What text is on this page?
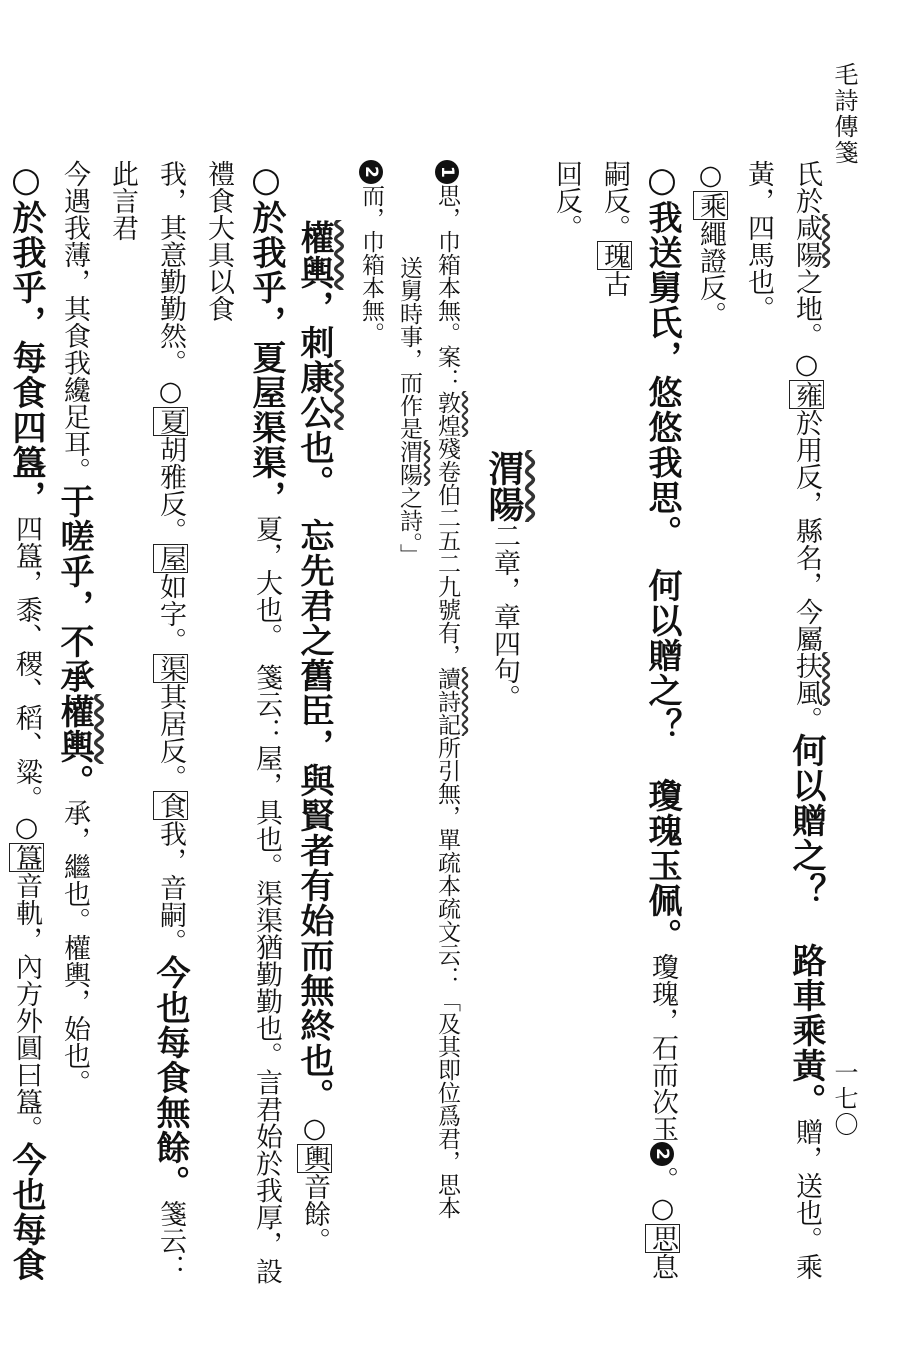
毛詩傳箋
一七〇
氏於咸陽之地。○雍於用反，縣名，今屬扶風。何以贈之？　路車乘黃。贈，送也。乘黃，四馬也。
○乘繩證反。
○我送舅氏，悠悠我思。　何以贈之？　瓊瑰玉佩。瓊瑰，石而次玉2。○思息嗣反。瑰古
回反。
渭陽二章，章四句。
1思，巾箱本無。案：敦煌殘卷伯二五二九號有，讀詩記所引無，單疏本疏文云：「及其即位爲君，思本
送舅時事，而作是渭陽之詩。」
2而，巾箱本無。
權輿，刺康公也。　忘先君之舊臣，與賢者有始而無終也。○輿音餘。
○於我乎，夏屋渠渠，夏，大也。　箋云：屋，具也。渠渠猶勤勤也。言君始於我厚，設禮食大具以食
我，其意勤勤然。○夏胡雅反。屋如字。渠其居反。食我，音嗣。今也每食無餘。箋云：此言君
今遇我薄，其食我纔足耳。于嗟乎，不承權輿。承，繼也。權輿，始也。
○於我乎，每食四簋，四簋，黍、稷、稻、粱。○簋音軌，內方外圓曰簋。今也每食　
